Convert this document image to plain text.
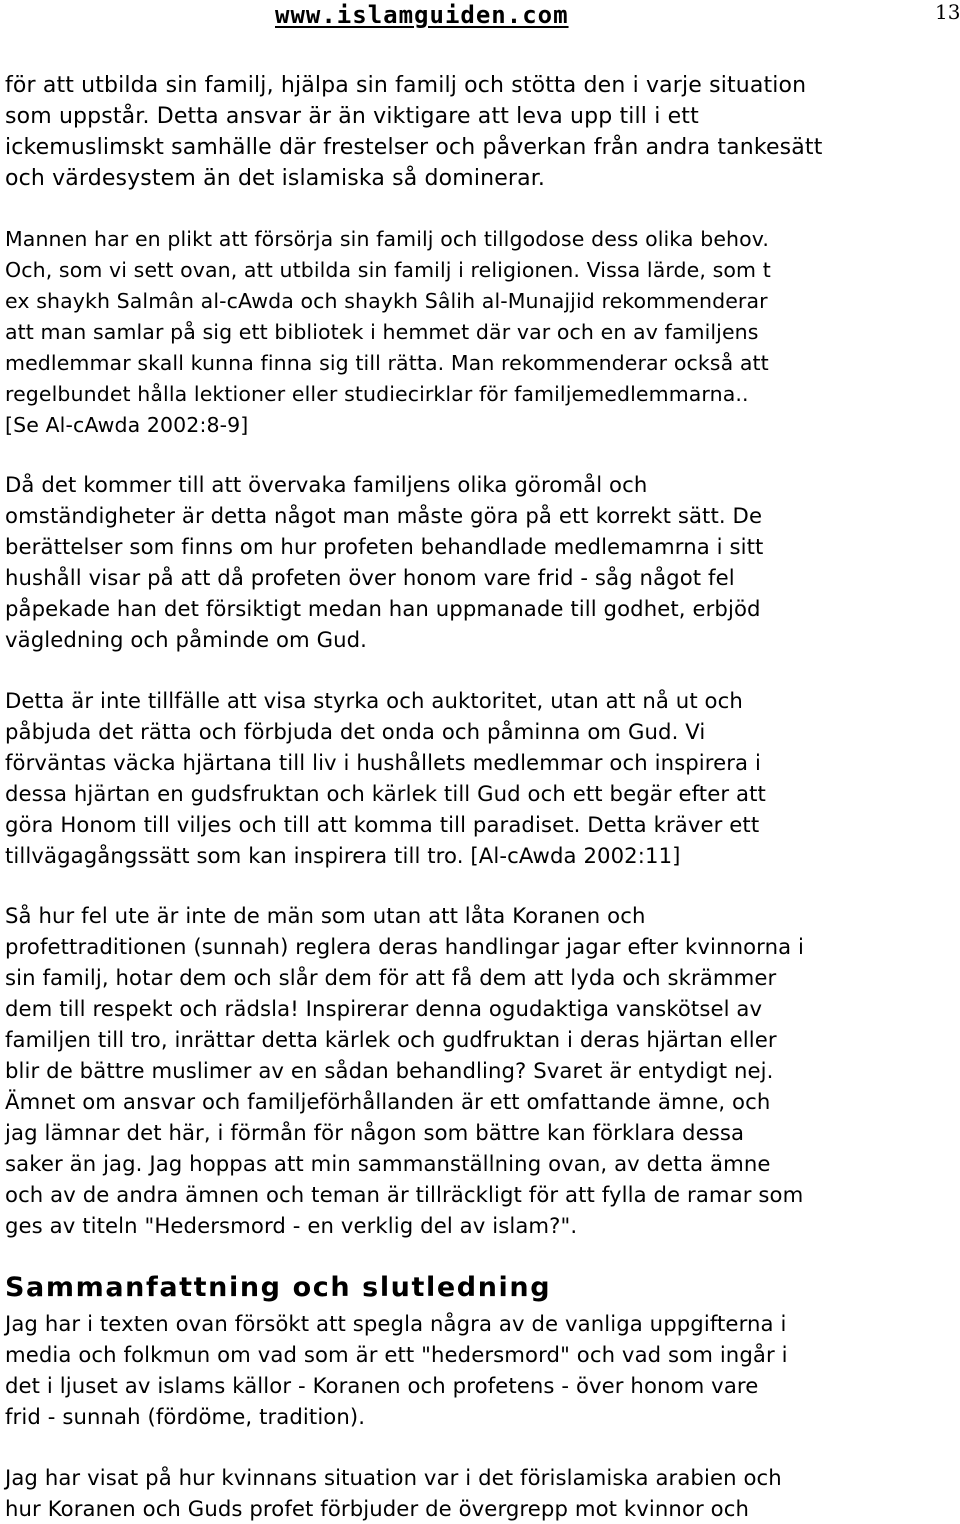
www.islamguiden.com	13
för att utbilda sin familj, hjälpa sin familj och stötta den i varje situation
som uppstår. Detta ansvar är än viktigare att leva upp till i ett
ickemuslimskt samhälle där frestelser och påverkan från andra tankesätt
och värdesystem än det islamiska så dominerar.
Mannen har en plikt att försörja sin familj och tillgodose dess olika behov.
Och, som vi sett ovan, att utbilda sin familj i religionen. Vissa lärde, som t
ex shaykh Salmân al-cAwda och shaykh Sâlih al-Munajjid rekommenderar
att man samlar på sig ett bibliotek i hemmet där var och en av familjens
medlemmar skall kunna finna sig till rätta. Man rekommenderar också att
regelbundet hålla lektioner eller studiecirklar för familjemedlemmarna..
[Se Al-cAwda 2002:8-9]
Då det kommer till att övervaka familjens olika göromål och
omständigheter är detta något man måste göra på ett korrekt sätt. De
berättelser som finns om hur profeten behandlade medlemamrna i sitt
hushåll visar på att då profeten över honom vare frid - såg något fel
påpekade han det försiktigt medan han uppmanade till godhet, erbjöd
vägledning och påminde om Gud.
Detta är inte tillfälle att visa styrka och auktoritet, utan att nå ut och
påbjuda det rätta och förbjuda det onda och påminna om Gud. Vi
förväntas väcka hjärtana till liv i hushållets medlemmar och inspirera i
dessa hjärtan en gudsfruktan och kärlek till Gud och ett begär efter att
göra Honom till viljes och till att komma till paradiset. Detta kräver ett
tillvägagångssätt som kan inspirera till tro. [Al-cAwda 2002:11]
Så hur fel ute är inte de män som utan att låta Koranen och
profettraditionen (sunnah) reglera deras handlingar jagar efter kvinnorna i
sin familj, hotar dem och slår dem för att få dem att lyda och skrämmer
dem till respekt och rädsla! Inspirerar denna ogudaktiga vanskötsel av
familjen till tro, inrättar detta kärlek och gudfruktan i deras hjärtan eller
blir de bättre muslimer av en sådan behandling? Svaret är entydigt nej.
Ämnet om ansvar och familjeförhållanden är ett omfattande ämne, och
jag lämnar det här, i förmån för någon som bättre kan förklara dessa
saker än jag. Jag hoppas att min sammanställning ovan, av detta ämne
och av de andra ämnen och teman är tillräckligt för att fylla de ramar som
ges av titeln "Hedersmord - en verklig del av islam?".
Sammanfattning och slutledning
Jag har i texten ovan försökt att spegla några av de vanliga uppgifterna i
media och folkmun om vad som är ett "hedersmord" och vad som ingår i
det i ljuset av islams källor - Koranen och profetens - över honom vare
frid - sunnah (fördöme, tradition).
Jag har visat på hur kvinnans situation var i det förislamiska arabien och
hur Koranen och Guds profet förbjuder de övergrepp mot kvinnor och
